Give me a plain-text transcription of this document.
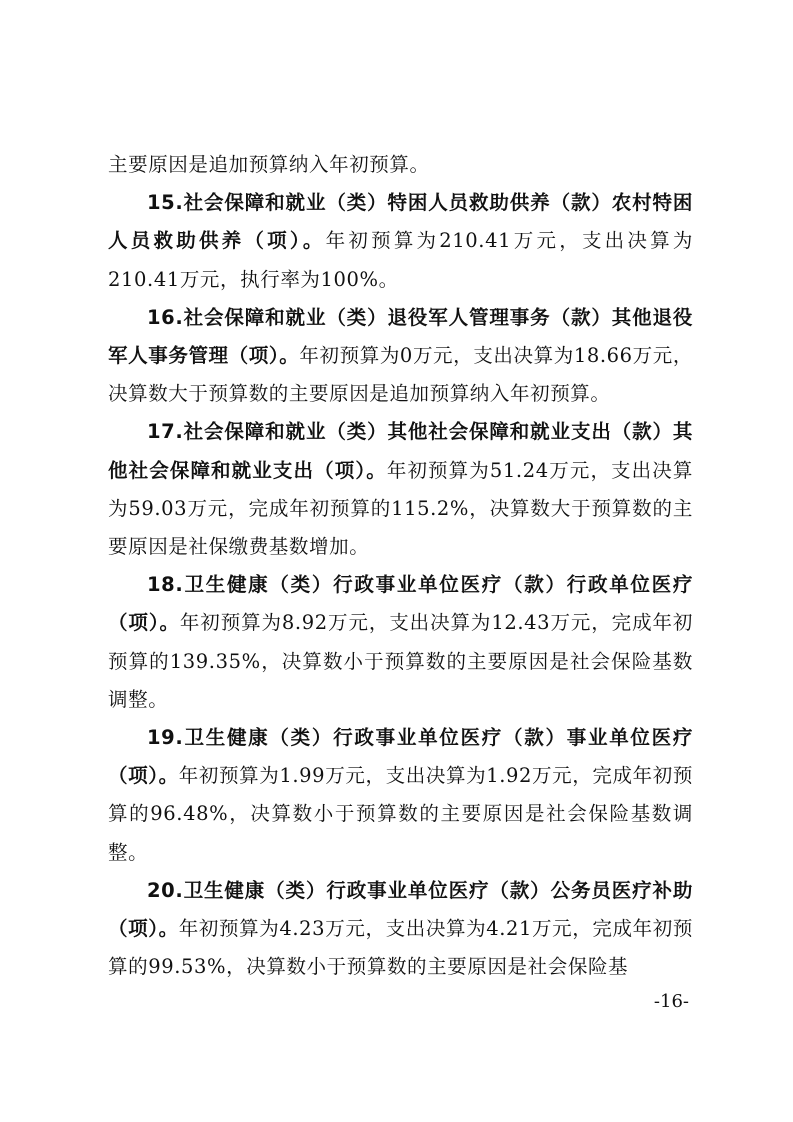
主要原因是追加预算纳入年初预算。

15.社会保障和就业（类）特困人员救助供养（款）农村特困人员救助供养（项）。年初预算为210.41万元，支出决算为210.41万元，执行率为100%。

16.社会保障和就业（类）退役军人管理事务（款）其他退役军人事务管理（项）。年初预算为0万元，支出决算为18.66万元，决算数大于预算数的主要原因是追加预算纳入年初预算。

17.社会保障和就业（类）其他社会保障和就业支出（款）其他社会保障和就业支出（项）。年初预算为51.24万元，支出决算为59.03万元，完成年初预算的115.2%，决算数大于预算数的主要原因是社保缴费基数增加。

18.卫生健康（类）行政事业单位医疗（款）行政单位医疗（项）。年初预算为8.92万元，支出决算为12.43万元，完成年初预算的139.35%，决算数小于预算数的主要原因是社会保险基数调整。

19.卫生健康（类）行政事业单位医疗（款）事业单位医疗（项）。年初预算为1.99万元，支出决算为1.92万元，完成年初预算的96.48%，决算数小于预算数的主要原因是社会保险基数调整。

20.卫生健康（类）行政事业单位医疗（款）公务员医疗补助（项）。年初预算为4.23万元，支出决算为4.21万元，完成年初预算的99.53%，决算数小于预算数的主要原因是社会保险基

-16-
